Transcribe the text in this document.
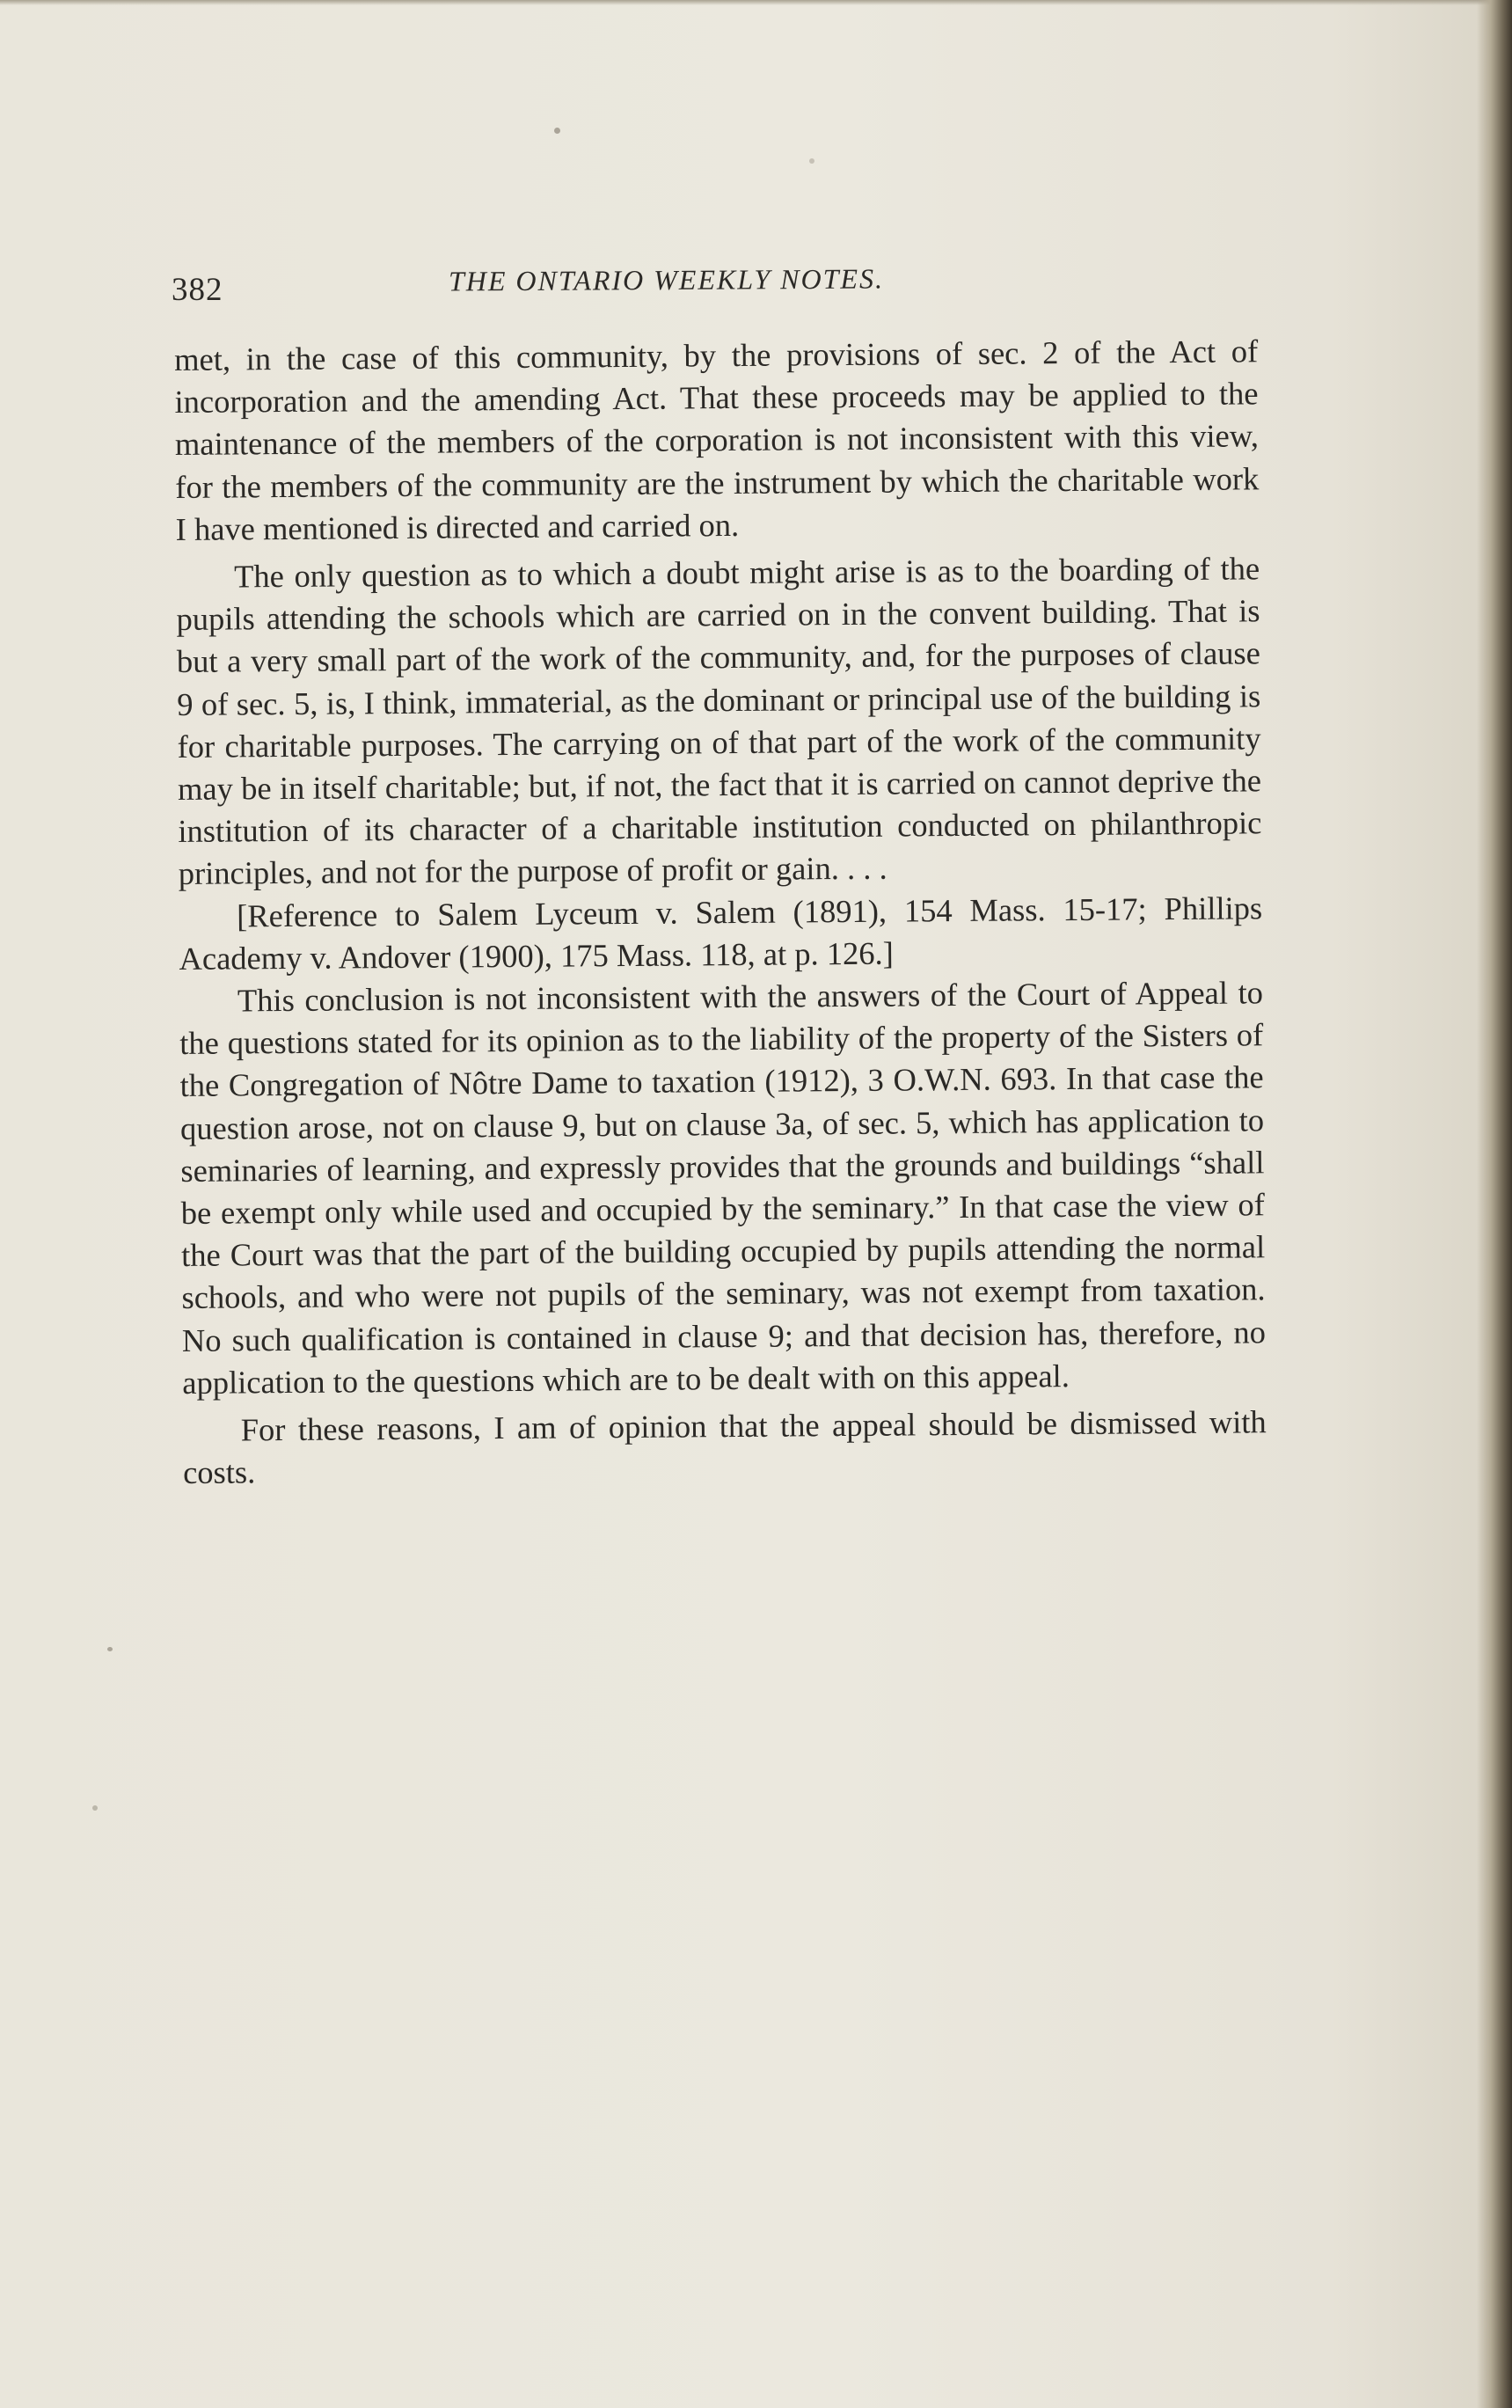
382	THE ONTARIO WEEKLY NOTES.

met, in the case of this community, by the provisions of sec. 2 of the Act of incorporation and the amending Act. That these proceeds may be applied to the maintenance of the members of the corporation is not inconsistent with this view, for the members of the community are the instrument by which the charitable work I have mentioned is directed and carried on.

The only question as to which a doubt might arise is as to the boarding of the pupils attending the schools which are carried on in the convent building. That is but a very small part of the work of the community, and, for the purposes of clause 9 of sec. 5, is, I think, immaterial, as the dominant or principal use of the building is for charitable purposes. The carrying on of that part of the work of the community may be in itself charitable; but, if not, the fact that it is carried on cannot deprive the institution of its character of a charitable institution conducted on philanthropic principles, and not for the purpose of profit or gain. . . .

[Reference to Salem Lyceum v. Salem (1891), 154 Mass. 15-17; Phillips Academy v. Andover (1900), 175 Mass. 118, at p. 126.]

This conclusion is not inconsistent with the answers of the Court of Appeal to the questions stated for its opinion as to the liability of the property of the Sisters of the Congregation of Nôtre Dame to taxation (1912), 3 O.W.N. 693. In that case the question arose, not on clause 9, but on clause 3a, of sec. 5, which has application to seminaries of learning, and expressly provides that the grounds and buildings “shall be exempt only while used and occupied by the seminary.” In that case the view of the Court was that the part of the building occupied by pupils attending the normal schools, and who were not pupils of the seminary, was not exempt from taxation. No such qualification is contained in clause 9; and that decision has, therefore, no application to the questions which are to be dealt with on this appeal.

For these reasons, I am of opinion that the appeal should be dismissed with costs.
